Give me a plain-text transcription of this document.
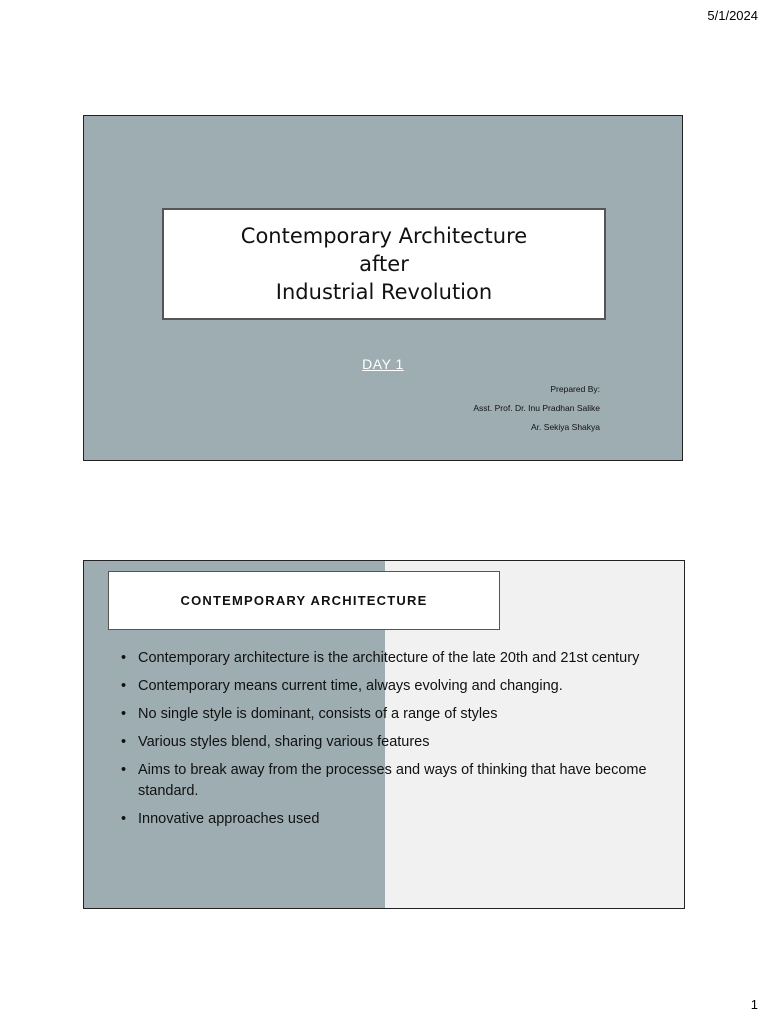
5/1/2024
Contemporary Architecture
after
Industrial Revolution
DAY 1
Prepared By:
Asst. Prof. Dr. Inu Pradhan Salike
Ar. Sekiya Shakya
CONTEMPORARY ARCHITECTURE
• Contemporary architecture is the architecture of the late 20th and 21st century
• Contemporary means current time, always evolving and changing.
• No single style is dominant, consists of a range of styles
• Various styles blend, sharing various features
• Aims to break away from the processes and ways of thinking that have become standard.
• Innovative approaches used
1
